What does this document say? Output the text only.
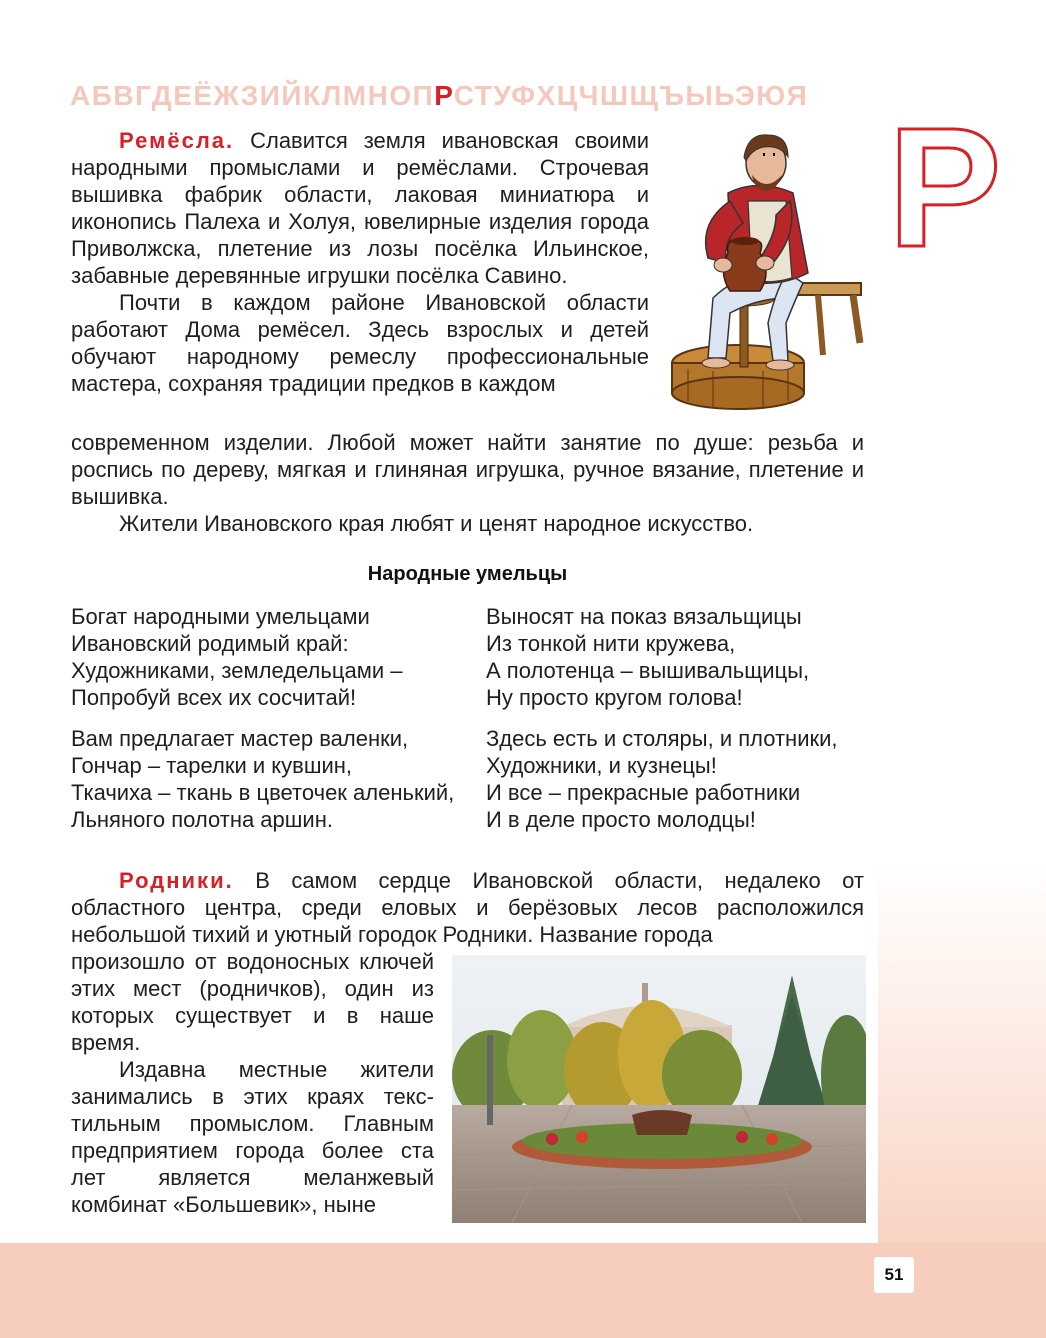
51
АБВГДЕЁЖЗИЙКЛМНОПРСТУФХЦЧШЩЪЫЬЭЮЯ Р

Ремёсла. Славится земля ивановская своими народными промыслами и ремёслами. Строчевая вышивка фабрик области, лаковая миниатюра и иконопись Палеха и Холуя, ювелирные изделия города Приволжска, плетение из лозы посёлка Ильинское, забавные деревянные игрушки посёлка Савино.

Почти в каждом районе Ивановской области работают Дома ремёсел. Здесь взрослых и детей обучают народному ремеслу профессиональные мастера, сохраняя традиции предков в каждом

современном изделии. Любой может найти занятие по душе: резьба и роспись по дереву, мягкая и глиняная игрушка, ручное вязание, плетение и вышивка.

Жители Ивановского края любят и ценят народное искусство.

Народные умельцы
Богат народными умельцами
Ивановский родимый край:
Художниками, земледельцами –
Попробуй всех их сосчитай!
Вам предлагает мастер валенки,
Гончар – тарелки и кувшин,
Ткачиха – ткань в цветочек аленький,
Льняного полотна аршин.
Выносят на показ вязальщицы
Из тонкой нити кружева,
А полотенца – вышивальщицы,
Ну просто кругом голова!
Здесь есть и столяры, и плотники,
Художники, и кузнецы!
И все – прекрасные работники
И в деле просто молодцы!

Родники. В самом сердце Ивановской области, недалеко от областного центра, среди еловых и берёзовых лесов расположился небольшой тихий и уютный городок Родники. Название города

произошло от водоносных ключей этих мест (родничков), один из которых существует и в наше время.

Издавна местные жители занимались в этих краях текстильным промыслом. Главным предприятием города более ста лет является меланжевый комбинат «Большевик», ныне
